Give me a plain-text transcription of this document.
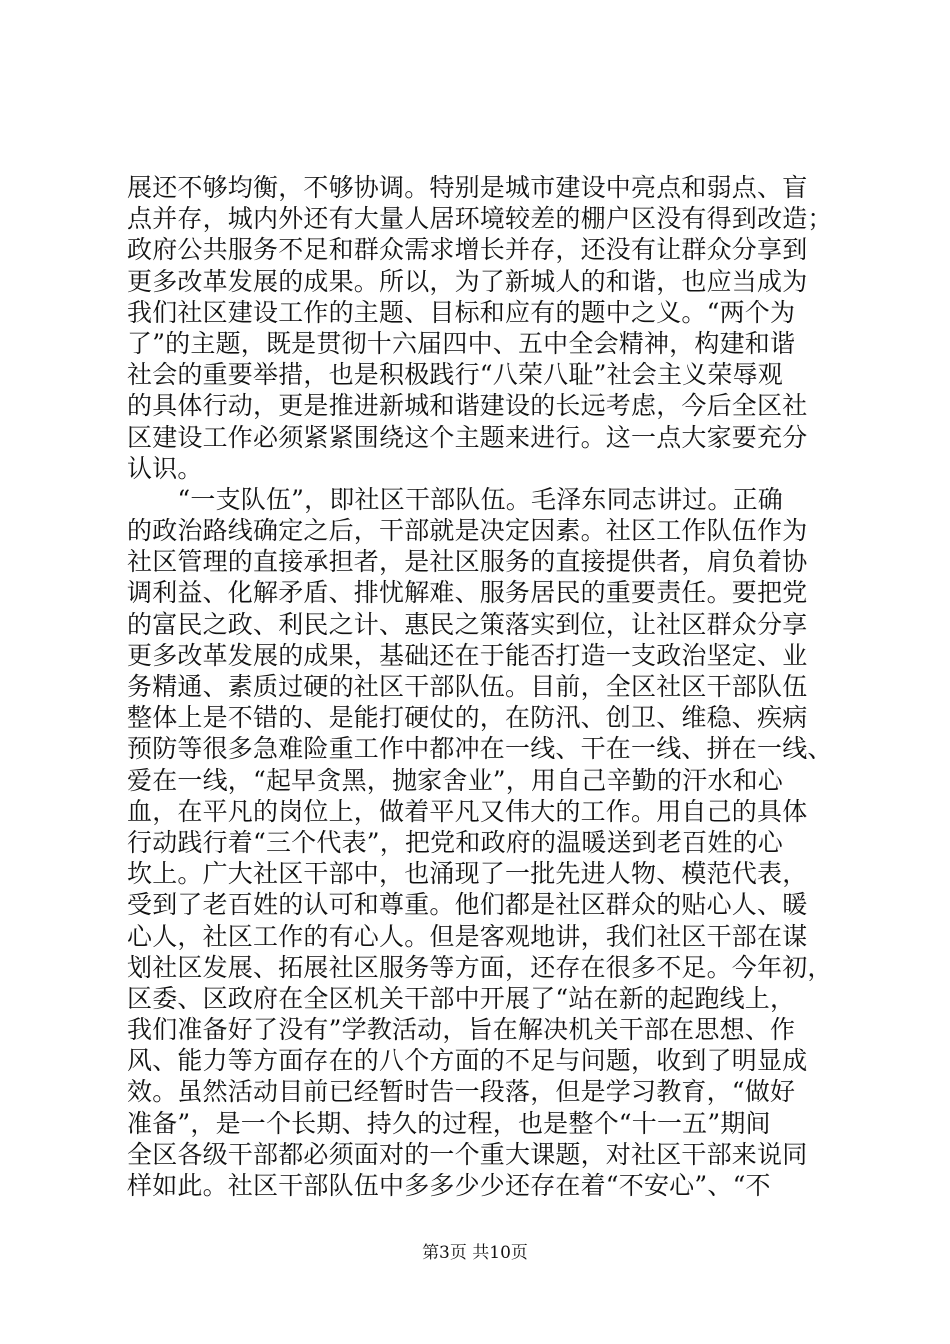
展还不够均衡，不够协调。特别是城市建设中亮点和弱点、盲
点并存，城内外还有大量人居环境较差的棚户区没有得到改造；
政府公共服务不足和群众需求增长并存，还没有让群众分享到
更多改革发展的成果。所以，为了新城人的和谐，也应当成为
我们社区建设工作的主题、目标和应有的题中之义。“两个为
了”的主题，既是贯彻十六届四中、五中全会精神，构建和谐
社会的重要举措，也是积极践行“八荣八耻”社会主义荣辱观
的具体行动，更是推进新城和谐建设的长远考虑，今后全区社
区建设工作必须紧紧围绕这个主题来进行。这一点大家要充分
认识。
　　“一支队伍”，即社区干部队伍。毛泽东同志讲过。正确
的政治路线确定之后，干部就是决定因素。社区工作队伍作为
社区管理的直接承担者，是社区服务的直接提供者，肩负着协
调利益、化解矛盾、排忧解难、服务居民的重要责任。要把党
的富民之政、利民之计、惠民之策落实到位，让社区群众分享
更多改革发展的成果，基础还在于能否打造一支政治坚定、业
务精通、素质过硬的社区干部队伍。目前，全区社区干部队伍
整体上是不错的、是能打硬仗的，在防汛、创卫、维稳、疾病
预防等很多急难险重工作中都冲在一线、干在一线、拼在一线、
爱在一线，“起早贪黑，抛家舍业”，用自己辛勤的汗水和心
血，在平凡的岗位上，做着平凡又伟大的工作。用自己的具体
行动践行着“三个代表”，把党和政府的温暖送到老百姓的心
坎上。广大社区干部中，也涌现了一批先进人物、模范代表，
受到了老百姓的认可和尊重。他们都是社区群众的贴心人、暖
心人，社区工作的有心人。但是客观地讲，我们社区干部在谋
划社区发展、拓展社区服务等方面，还存在很多不足。今年初，
区委、区政府在全区机关干部中开展了“站在新的起跑线上，
我们准备好了没有”学教活动，旨在解决机关干部在思想、作
风、能力等方面存在的八个方面的不足与问题，收到了明显成
效。虽然活动目前已经暂时告一段落，但是学习教育，“做好
准备”，是一个长期、持久的过程，也是整个“十一五”期间
全区各级干部都必须面对的一个重大课题，对社区干部来说同
样如此。社区干部队伍中多多少少还存在着“不安心”、“不
第3页 共10页
